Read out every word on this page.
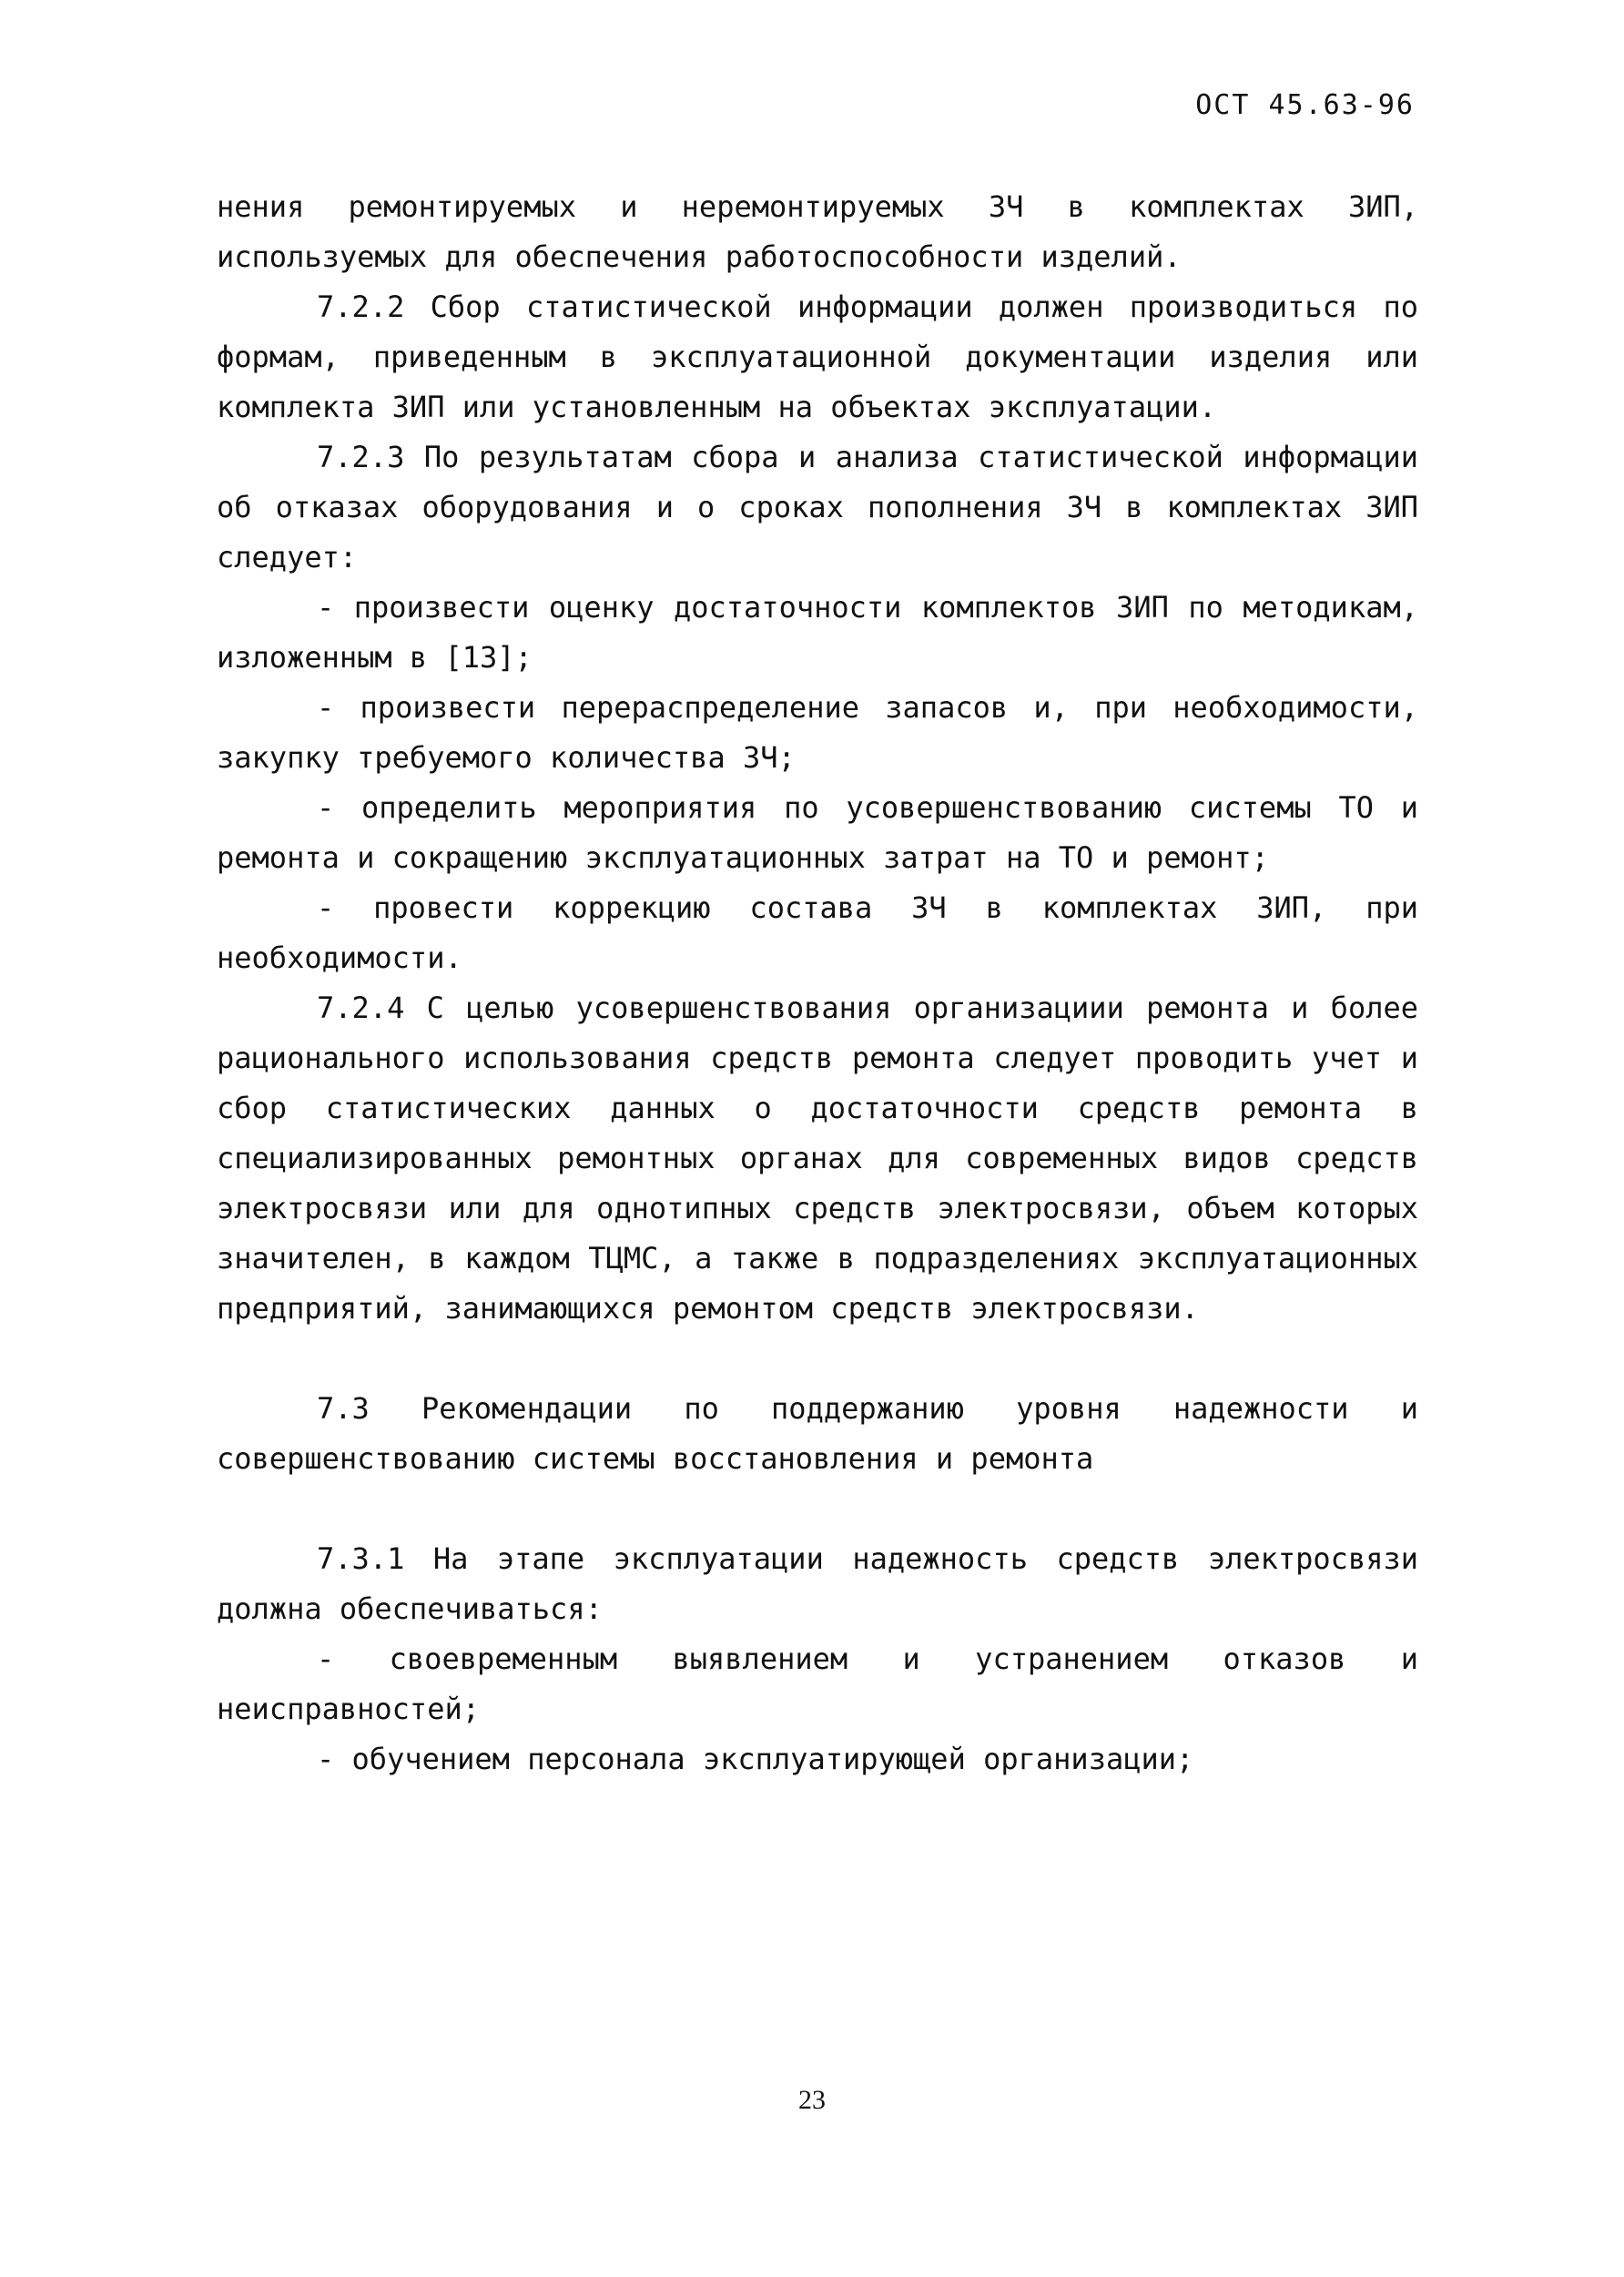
ОСТ 45.63-96

нения ремонтируемых и неремонтируемых ЗЧ в комплектах ЗИП, используемых для обеспечения работоспособности изделий.

7.2.2 Сбор статистической информации должен производиться по формам, приведенным в эксплуатационной документации изделия или комплекта ЗИП или установленным на объектах эксплуатации.

7.2.3 По результатам сбора и анализа статистической информации об отказах оборудования и о сроках пополнения ЗЧ в комплектах ЗИП следует:

- произвести оценку достаточности комплектов ЗИП по методикам, изложенным в [13];

- произвести перераспределение запасов и, при необходимости, закупку требуемого количества ЗЧ;

- определить мероприятия по усовершенствованию системы ТО и ремонта и сокращению эксплуатационных затрат на ТО и ремонт;

- провести коррекцию состава ЗЧ в комплектах ЗИП, при необходимости.

7.2.4 С целью усовершенствования организациии ремонта и более рационального использования средств ремонта следует проводить учет и сбор статистических данных о достаточности средств ремонта в специализированных ремонтных органах для современных видов средств электросвязи или для однотипных средств электросвязи, объем которых значителен, в каждом ТЦМС, а также в подразделениях эксплуатационных предприятий, занимающихся ремонтом средств электросвязи.

7.3 Рекомендации по поддержанию уровня надежности и совершенствованию системы восстановления и ремонта

7.3.1 На этапе эксплуатации надежность средств электросвязи должна обеспечиваться:

- своевременным выявлением и устранением отказов и неисправностей;

- обучением персонала эксплуатирующей организации;

23
